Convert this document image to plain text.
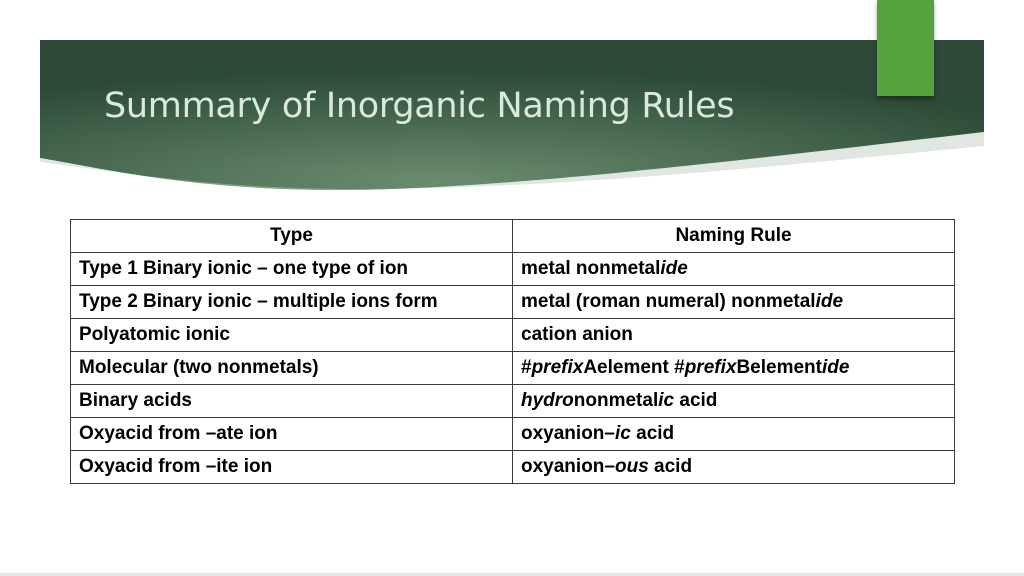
Summary of Inorganic Naming Rules
Type	Naming Rule
Type 1 Binary ionic – one type of ion	metal nonmetalide
Type 2 Binary ionic – multiple ions form	metal (roman numeral) nonmetalide
Polyatomic ionic	cation anion
Molecular (two nonmetals)	#prefixAelement #prefixBelementide
Binary acids	hydrononmetalic acid
Oxyacid from –ate ion	oxyanion–ic acid
Oxyacid from –ite ion	oxyanion–ous acid
